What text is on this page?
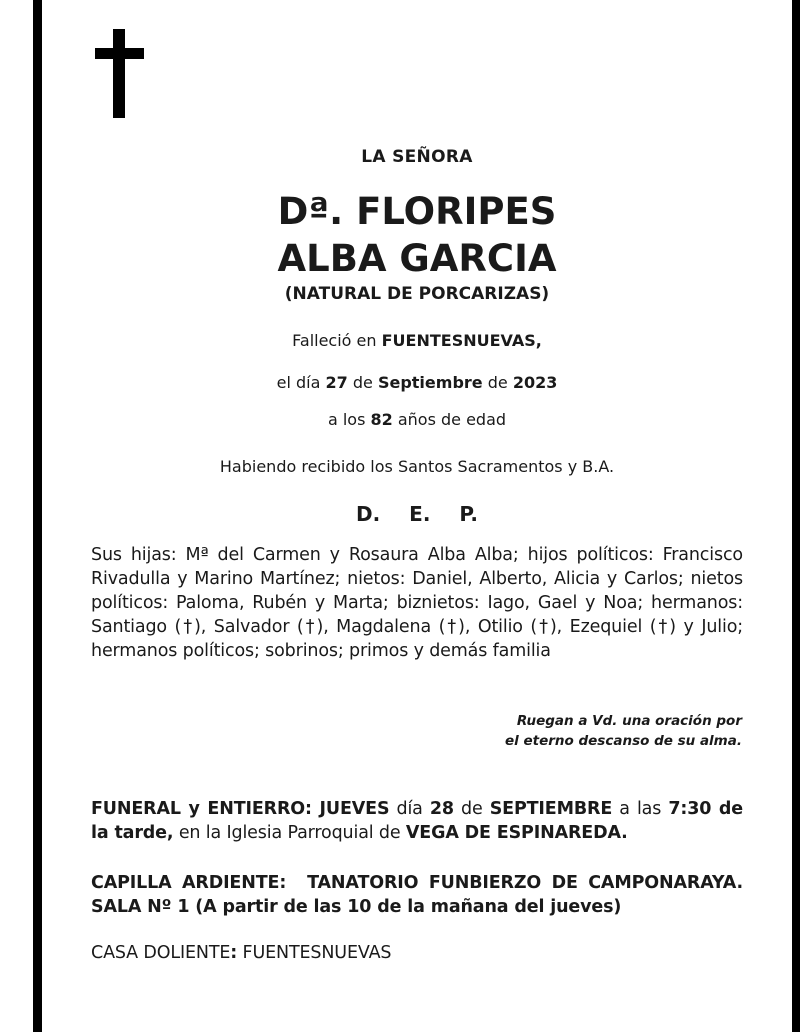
LA SEÑORA
Dª. FLORIPES
ALBA GARCIA
(NATURAL DE PORCARIZAS)
Falleció en FUENTESNUEVAS,
el día 27 de Septiembre de 2023
a los 82 años de edad
Habiendo recibido los Santos Sacramentos y B.A.
D. E. P.
Sus hijas: Mª del Carmen y Rosaura Alba Alba; hijos políticos: Francisco Rivadulla y Marino Martínez; nietos: Daniel, Alberto, Alicia y Carlos; nietos políticos: Paloma, Rubén y Marta; biznietos: Iago, Gael y Noa; hermanos: Santiago (†), Salvador (†), Magdalena (†), Otilio (†), Ezequiel (†) y Julio; hermanos políticos; sobrinos; primos y demás familia
Ruegan a Vd. una oración por
el eterno descanso de su alma.
FUNERAL y ENTIERRO: JUEVES día 28 de SEPTIEMBRE a las 7:30 de la tarde, en la Iglesia Parroquial de VEGA DE ESPINAREDA.
CAPILLA ARDIENTE: TANATORIO FUNBIERZO DE CAMPONARAYA. SALA Nº 1 (A partir de las 10 de la mañana del jueves)
CASA DOLIENTE: FUENTESNUEVAS
